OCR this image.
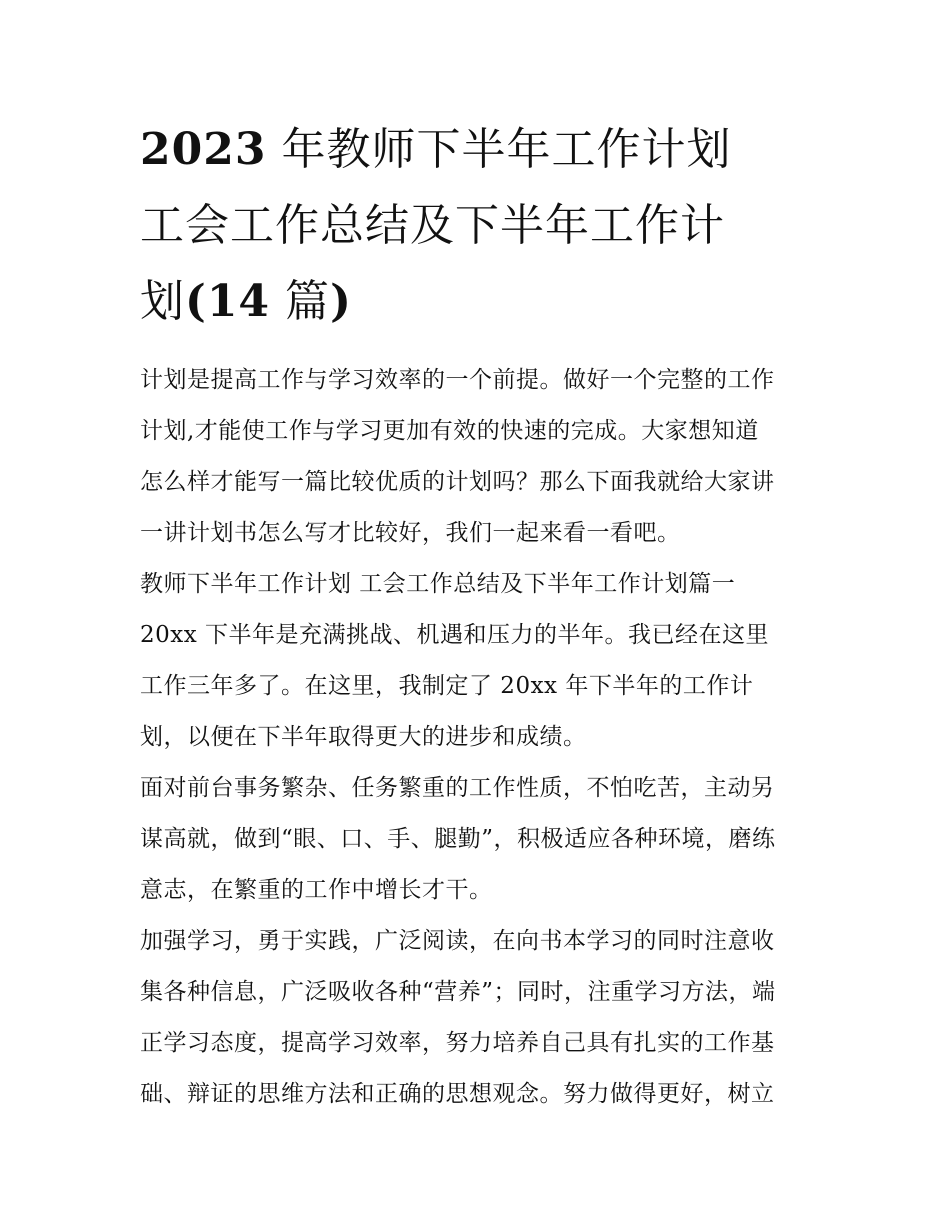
2023 年教师下半年工作计划
工会工作总结及下半年工作计
划(14 篇)
计划是提高工作与学习效率的一个前提。做好一个完整的工作
计划,才能使工作与学习更加有效的快速的完成。大家想知道
怎么样才能写一篇比较优质的计划吗？那么下面我就给大家讲
一讲计划书怎么写才比较好，我们一起来看一看吧。
教师下半年工作计划 工会工作总结及下半年工作计划篇一
20xx 下半年是充满挑战、机遇和压力的半年。我已经在这里
工作三年多了。在这里，我制定了 20xx 年下半年的工作计
划，以便在下半年取得更大的进步和成绩。
面对前台事务繁杂、任务繁重的工作性质，不怕吃苦，主动另
谋高就，做到“眼、口、手、腿勤”，积极适应各种环境，磨练
意志，在繁重的工作中增长才干。
加强学习，勇于实践，广泛阅读，在向书本学习的同时注意收
集各种信息，广泛吸收各种“营养”；同时，注重学习方法，端
正学习态度，提高学习效率，努力培养自己具有扎实的工作基
础、辩证的思维方法和正确的思想观念。努力做得更好，树立
